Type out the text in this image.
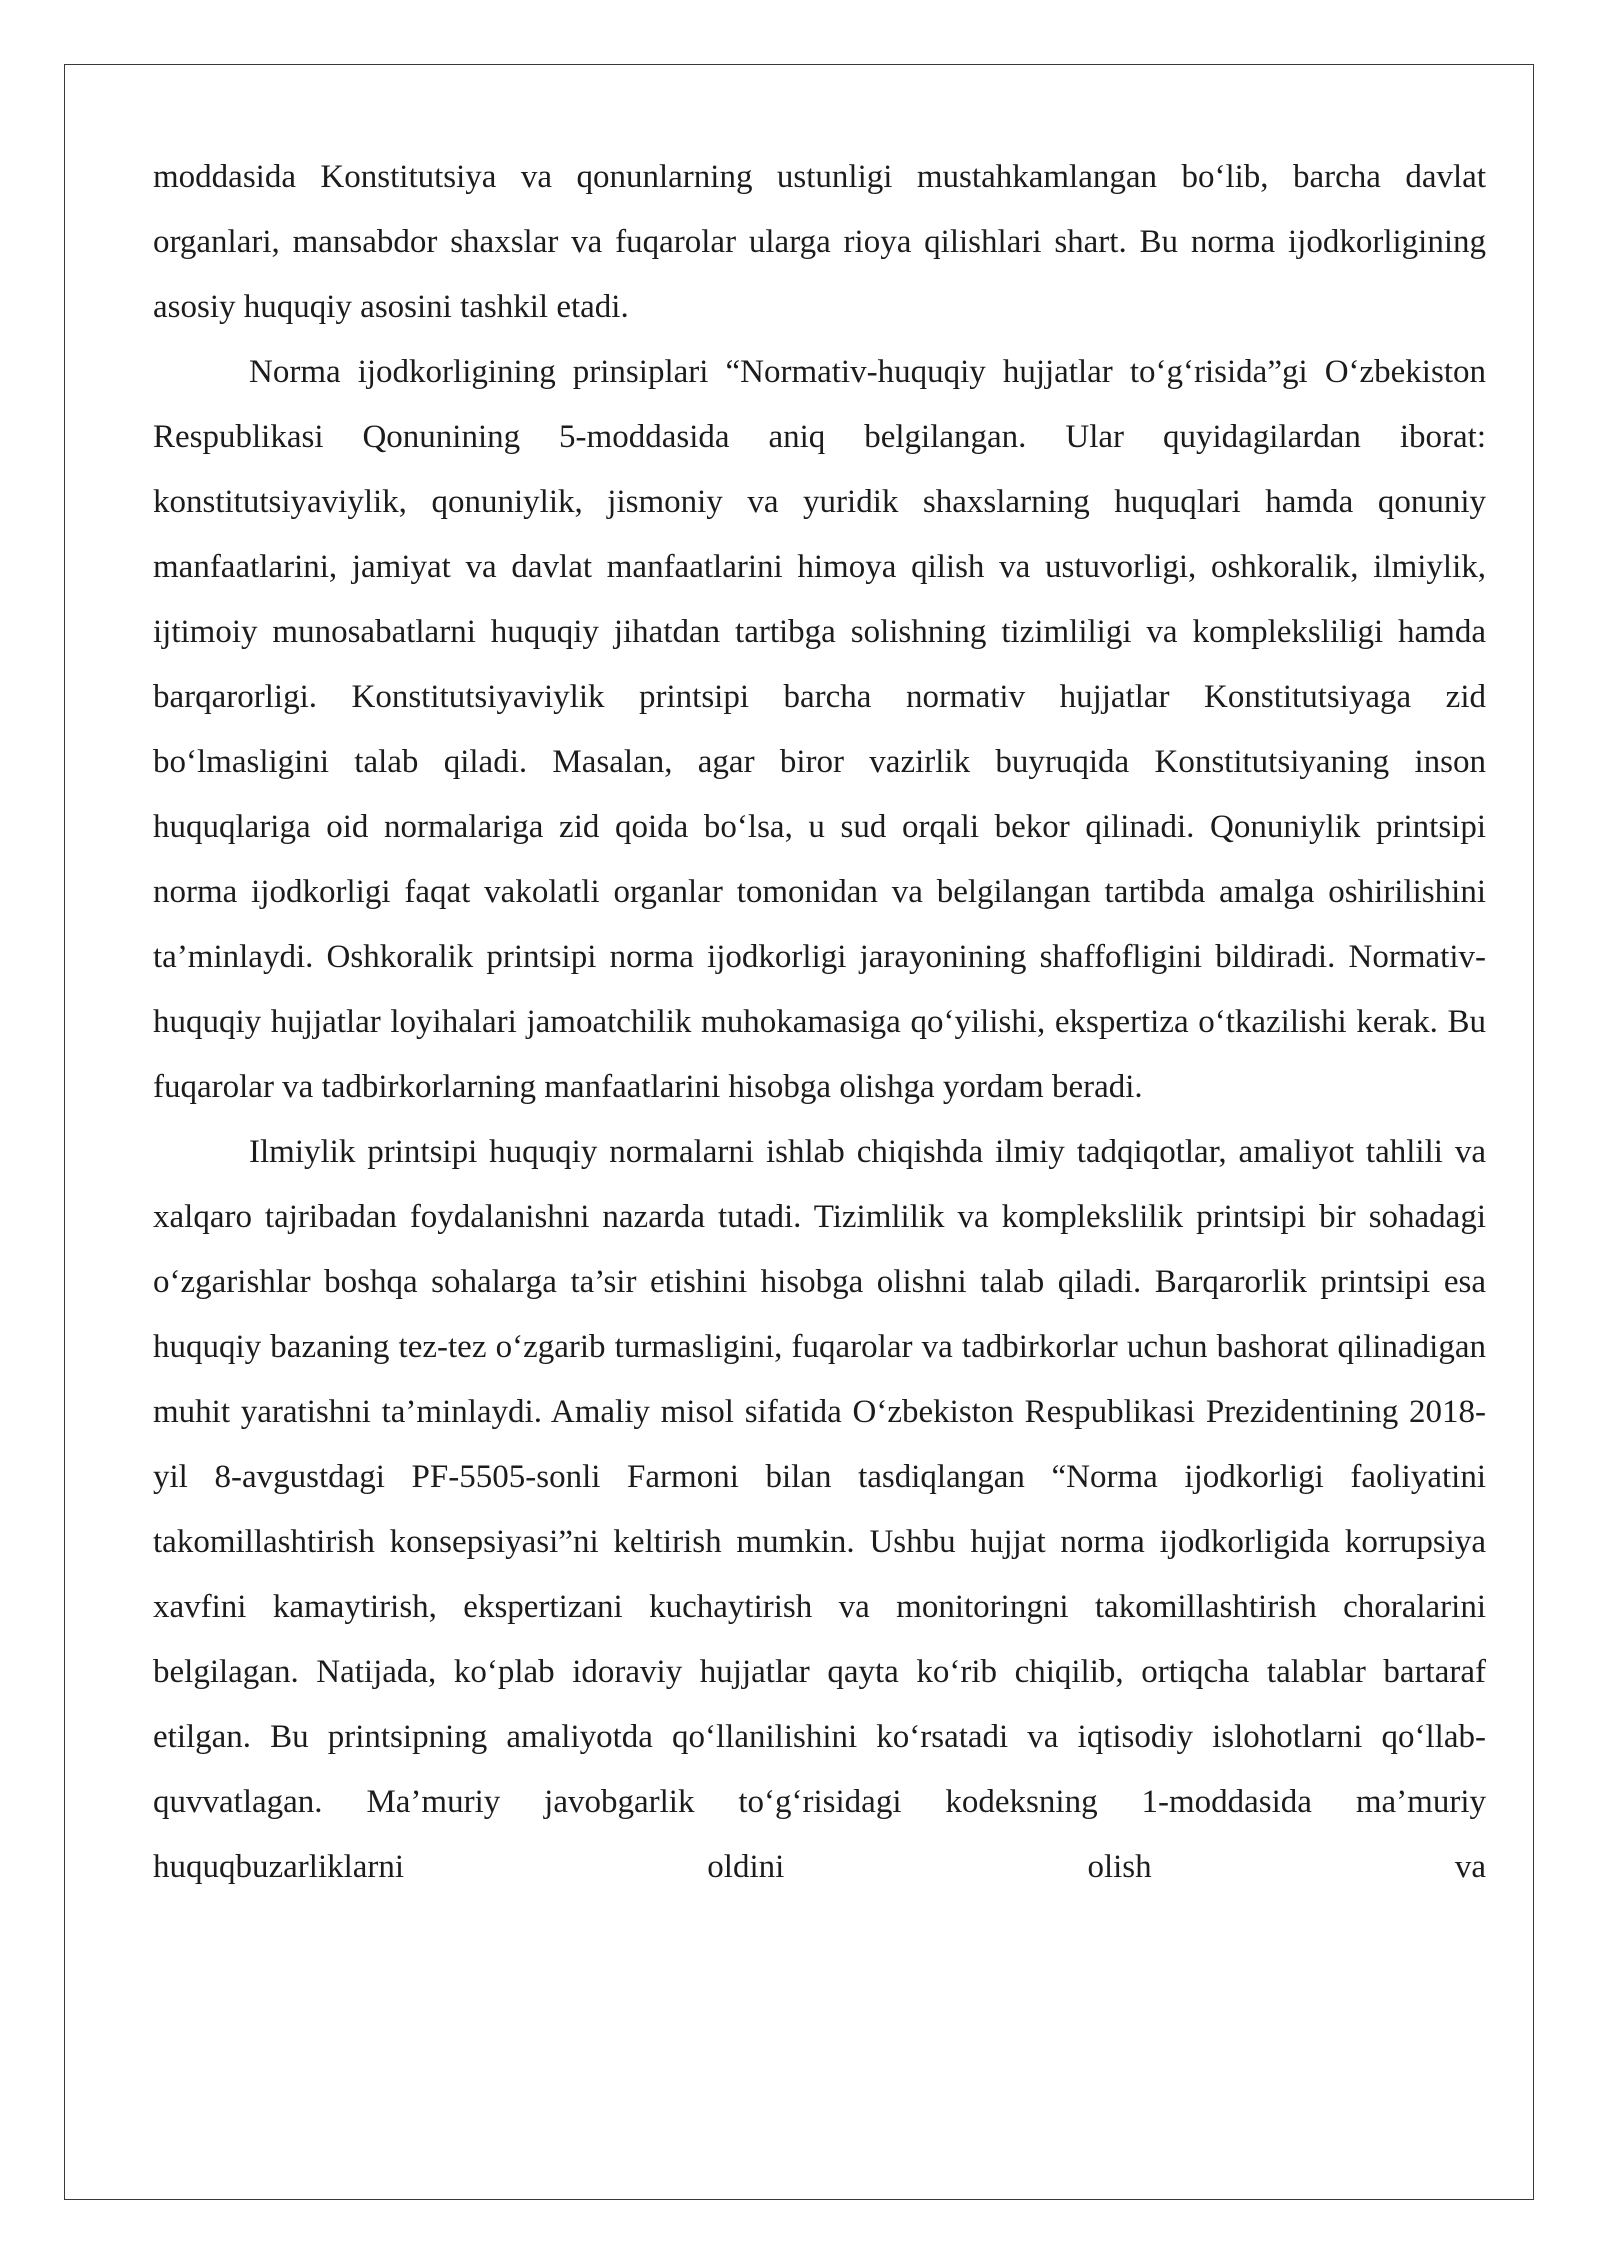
moddasida Konstitutsiya va qonunlarning ustunligi mustahkamlangan bo‘lib, barcha davlat organlari, mansabdor shaxslar va fuqarolar ularga rioya qilishlari shart. Bu norma ijodkorligining asosiy huquqiy asosini tashkil etadi.

Norma ijodkorligining prinsiplari “Normativ-huquqiy hujjatlar to‘g‘risida”gi O‘zbekiston Respublikasi Qonunining 5-moddasida aniq belgilangan. Ular quyidagilardan iborat: konstitutsiyaviylik, qonuniylik, jismoniy va yuridik shaxslarning huquqlari hamda qonuniy manfaatlarini, jamiyat va davlat manfaatlarini himoya qilish va ustuvorligi, oshkoralik, ilmiylik, ijtimoiy munosabatlarni huquqiy jihatdan tartibga solishning tizimliligi va kompleksliligi hamda barqarorligi. Konstitutsiyaviylik printsipi barcha normativ hujjatlar Konstitutsiyaga zid bo‘lmasligini talab qiladi. Masalan, agar biror vazirlik buyruqida Konstitutsiyaning inson huquqlariga oid normalariga zid qoida bo‘lsa, u sud orqali bekor qilinadi. Qonuniylik printsipi norma ijodkorligi faqat vakolatli organlar tomonidan va belgilangan tartibda amalga oshirilishini ta’minlaydi. Oshkoralik printsipi norma ijodkorligi jarayonining shaffofligini bildiradi. Normativ-huquqiy hujjatlar loyihalari jamoatchilik muhokamasiga qo‘yilishi, ekspertiza o‘tkazilishi kerak. Bu fuqarolar va tadbirkorlarning manfaatlarini hisobga olishga yordam beradi.

Ilmiylik printsipi huquqiy normalarni ishlab chiqishda ilmiy tadqiqotlar, amaliyot tahlili va xalqaro tajribadan foydalanishni nazarda tutadi. Tizimlilik va komplekslilik printsipi bir sohadagi o‘zgarishlar boshqa sohalarga ta’sir etishini hisobga olishni talab qiladi. Barqarorlik printsipi esa huquqiy bazaning tez-tez o‘zgarib turmasligini, fuqarolar va tadbirkorlar uchun bashorat qilinadigan muhit yaratishni ta’minlaydi. Amaliy misol sifatida O‘zbekiston Respublikasi Prezidentining 2018-yil 8-avgustdagi PF-5505-sonli Farmoni bilan tasdiqlangan “Norma ijodkorligi faoliyatini takomillashtirish konsepsiyasi”ni keltirish mumkin. Ushbu hujjat norma ijodkorligida korrupsiya xavfini kamaytirish, ekspertizani kuchaytirish va monitoringni takomillashtirish choralarini belgilagan. Natijada, ko‘plab idoraviy hujjatlar qayta ko‘rib chiqilib, ortiqcha talablar bartaraf etilgan. Bu printsipning amaliyotda qo‘llanilishini ko‘rsatadi va iqtisodiy islohotlarni qo‘llab-quvvatlagan. Ma’muriy javobgarlik to‘g‘risidagi kodeksning 1-moddasida ma’muriy huquqbuzarliklarni oldini olish va
